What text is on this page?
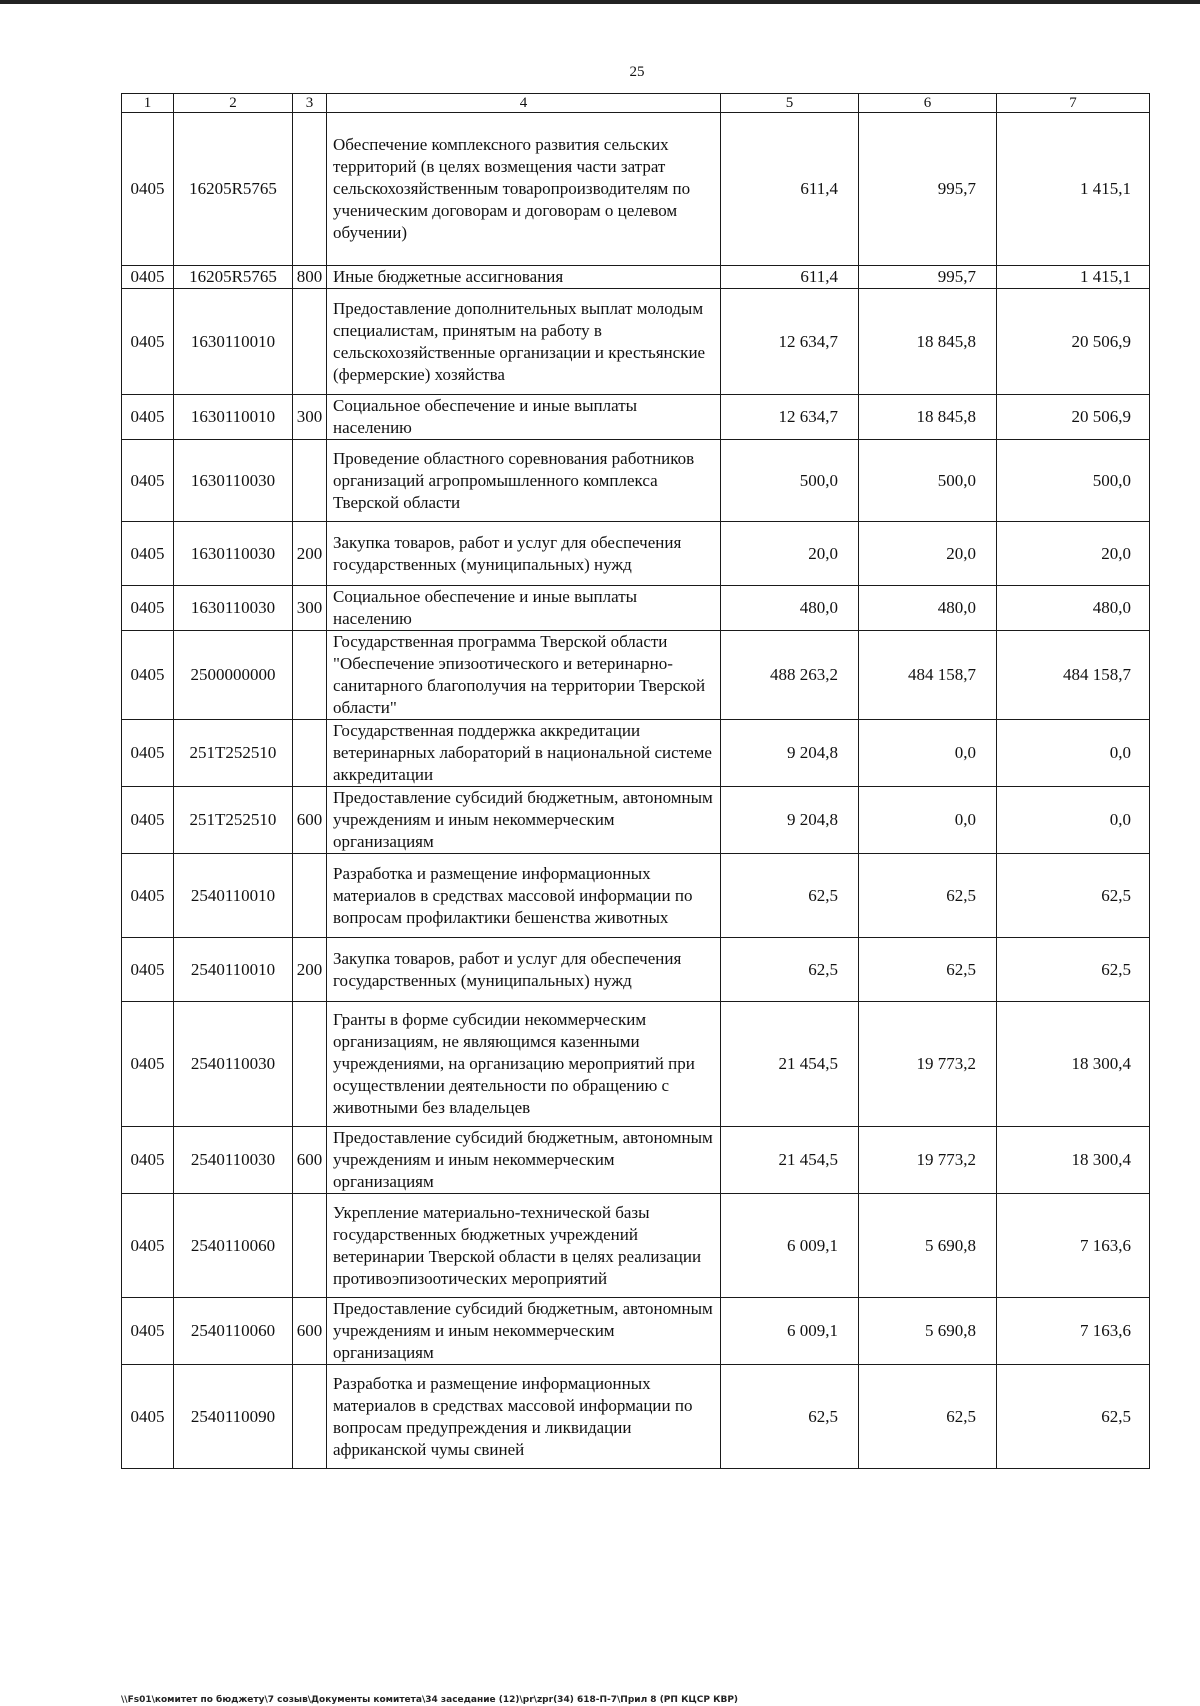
25
1	2	3	4	5	6	7
0405	16205R5765		Обеспечение комплексного развития сельских территорий (в целях возмещения части затрат сельскохозяйственным товаропроизводителям по ученическим договорам и договорам о целевом обучении)	611,4	995,7	1 415,1
0405	16205R5765	800	Иные бюджетные ассигнования	611,4	995,7	1 415,1
0405	1630110010		Предоставление дополнительных выплат молодым специалистам, принятым на работу в сельскохозяйственные организации и крестьянские (фермерские) хозяйства	12 634,7	18 845,8	20 506,9
0405	1630110010	300	Социальное обеспечение и иные выплаты населению	12 634,7	18 845,8	20 506,9
0405	1630110030		Проведение областного соревнования работников организаций агропромышленного комплекса Тверской области	500,0	500,0	500,0
0405	1630110030	200	Закупка товаров, работ и услуг для обеспечения государственных (муниципальных) нужд	20,0	20,0	20,0
0405	1630110030	300	Социальное обеспечение и иные выплаты населению	480,0	480,0	480,0
0405	2500000000		Государственная программа Тверской области "Обеспечение эпизоотического и ветеринарно-санитарного благополучия на территории Тверской области"	488 263,2	484 158,7	484 158,7
0405	251T252510		Государственная поддержка аккредитации ветеринарных лабораторий в национальной системе аккредитации	9 204,8	0,0	0,0
0405	251T252510	600	Предоставление субсидий бюджетным, автономным учреждениям и иным некоммерческим организациям	9 204,8	0,0	0,0
0405	2540110010		Разработка и размещение информационных материалов в средствах массовой информации по вопросам профилактики бешенства животных	62,5	62,5	62,5
0405	2540110010	200	Закупка товаров, работ и услуг для обеспечения государственных (муниципальных) нужд	62,5	62,5	62,5
0405	2540110030		Гранты в форме субсидии некоммерческим организациям, не являющимся казенными учреждениями, на организацию мероприятий при осуществлении деятельности по обращению с животными без владельцев	21 454,5	19 773,2	18 300,4
0405	2540110030	600	Предоставление субсидий бюджетным, автономным учреждениям и иным некоммерческим организациям	21 454,5	19 773,2	18 300,4
0405	2540110060		Укрепление материально-технической базы государственных бюджетных учреждений ветеринарии Тверской области в целях реализации противоэпизоотических мероприятий	6 009,1	5 690,8	7 163,6
0405	2540110060	600	Предоставление субсидий бюджетным, автономным учреждениям и иным некоммерческим организациям	6 009,1	5 690,8	7 163,6
0405	2540110090		Разработка и размещение информационных материалов в средствах массовой информации по вопросам предупреждения и ликвидации африканской чумы свиней	62,5	62,5	62,5
\\Fs01\комитет по бюджету\7 созыв\Документы комитета\34 заседание (12)\pr\zpr(34) 618-П-7\Прил 8 (РП КЦСР КВР)
